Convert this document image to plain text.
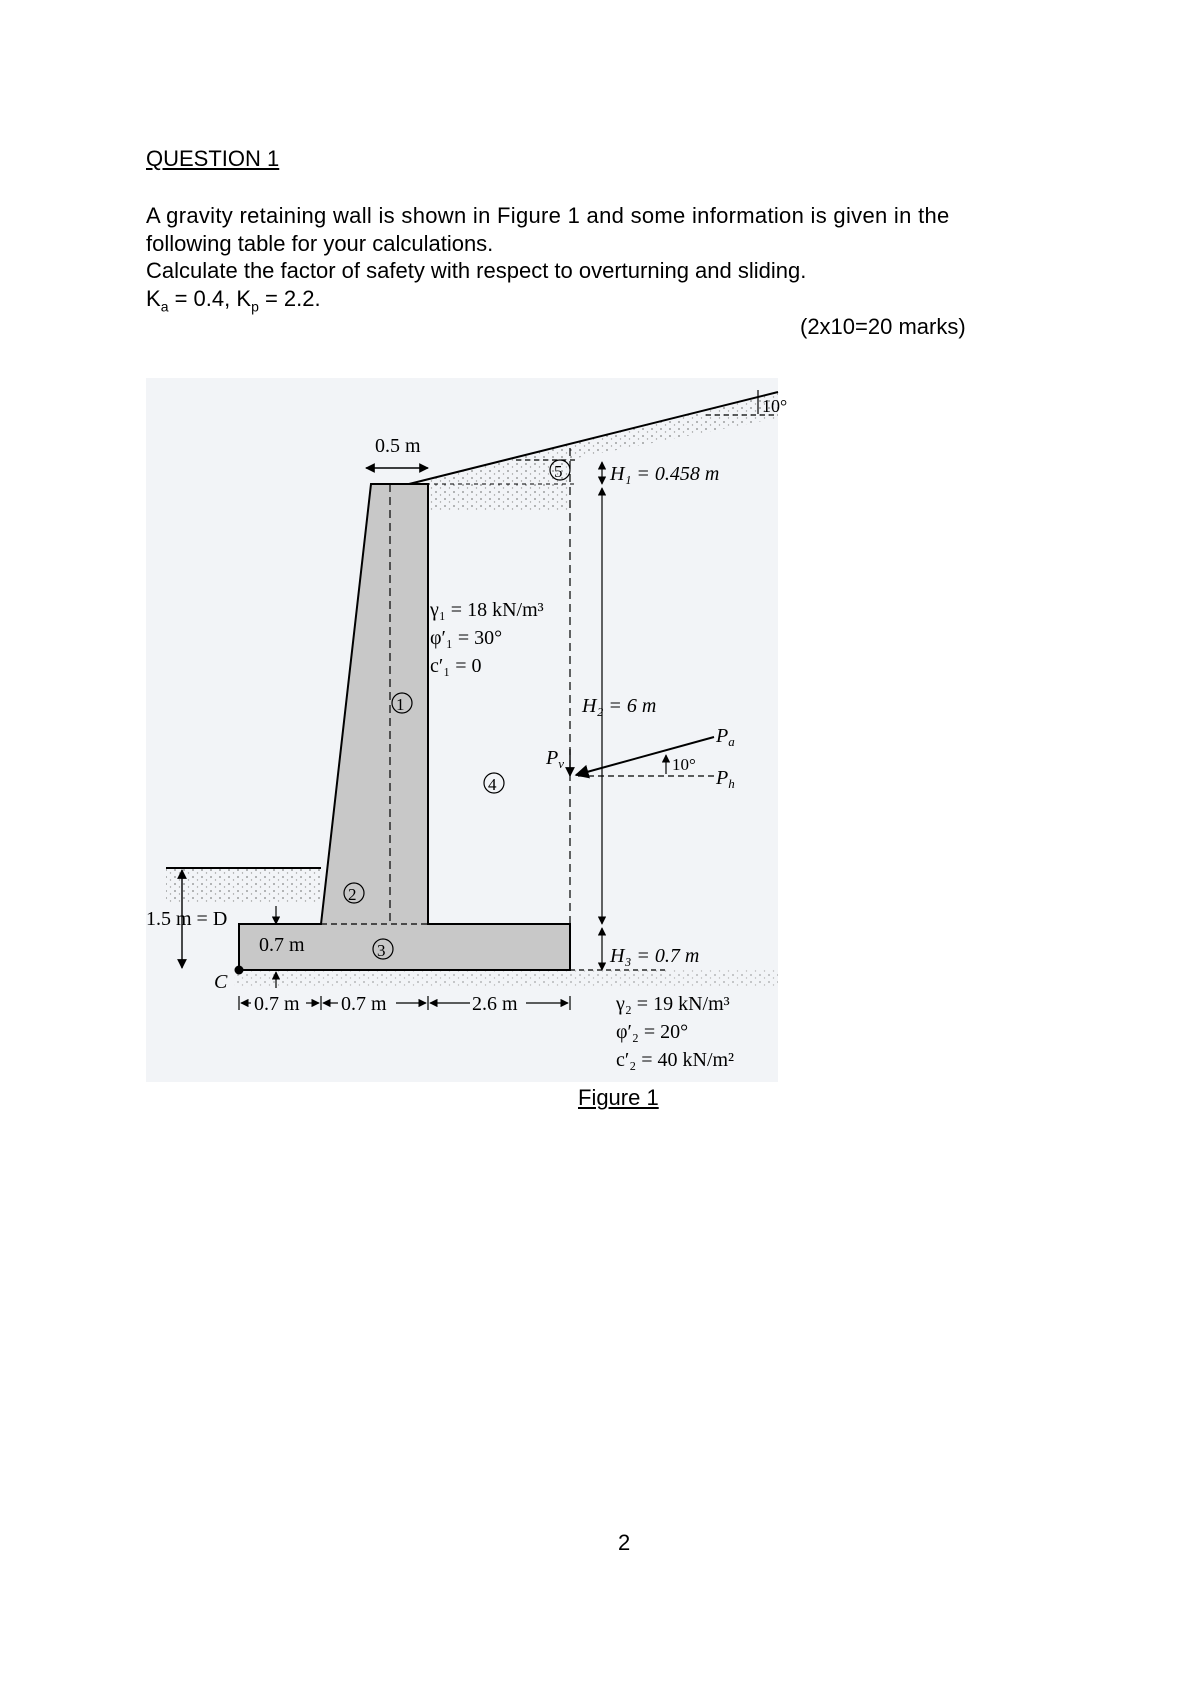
QUESTION 1
A gravity retaining wall is shown in Figure 1 and some information is given in the
following table for your calculations.
Calculate the factor of safety with respect to overturning and sliding.
$K_a = 0.4$, $K_p = 2.2$.
(2x10=20 marks)
0.5 m
10°
H₁ = 0.458 m
H₂ = 6 m
H₃ = 0.7 m
γ₁ = 18 kN/m³
φ′₁ = 30°
c′₁ = 0
1
2
3
4
5
$P_v$
$P_a$
$P_h$
10°
1.5 m = D
0.7 m
C
0.7 m 0.7 m	2.6 m	γ₂ = 19 kN/m³
φ′₂ = 20°
c′₂ = 40 kN/m²
Figure 1
2
